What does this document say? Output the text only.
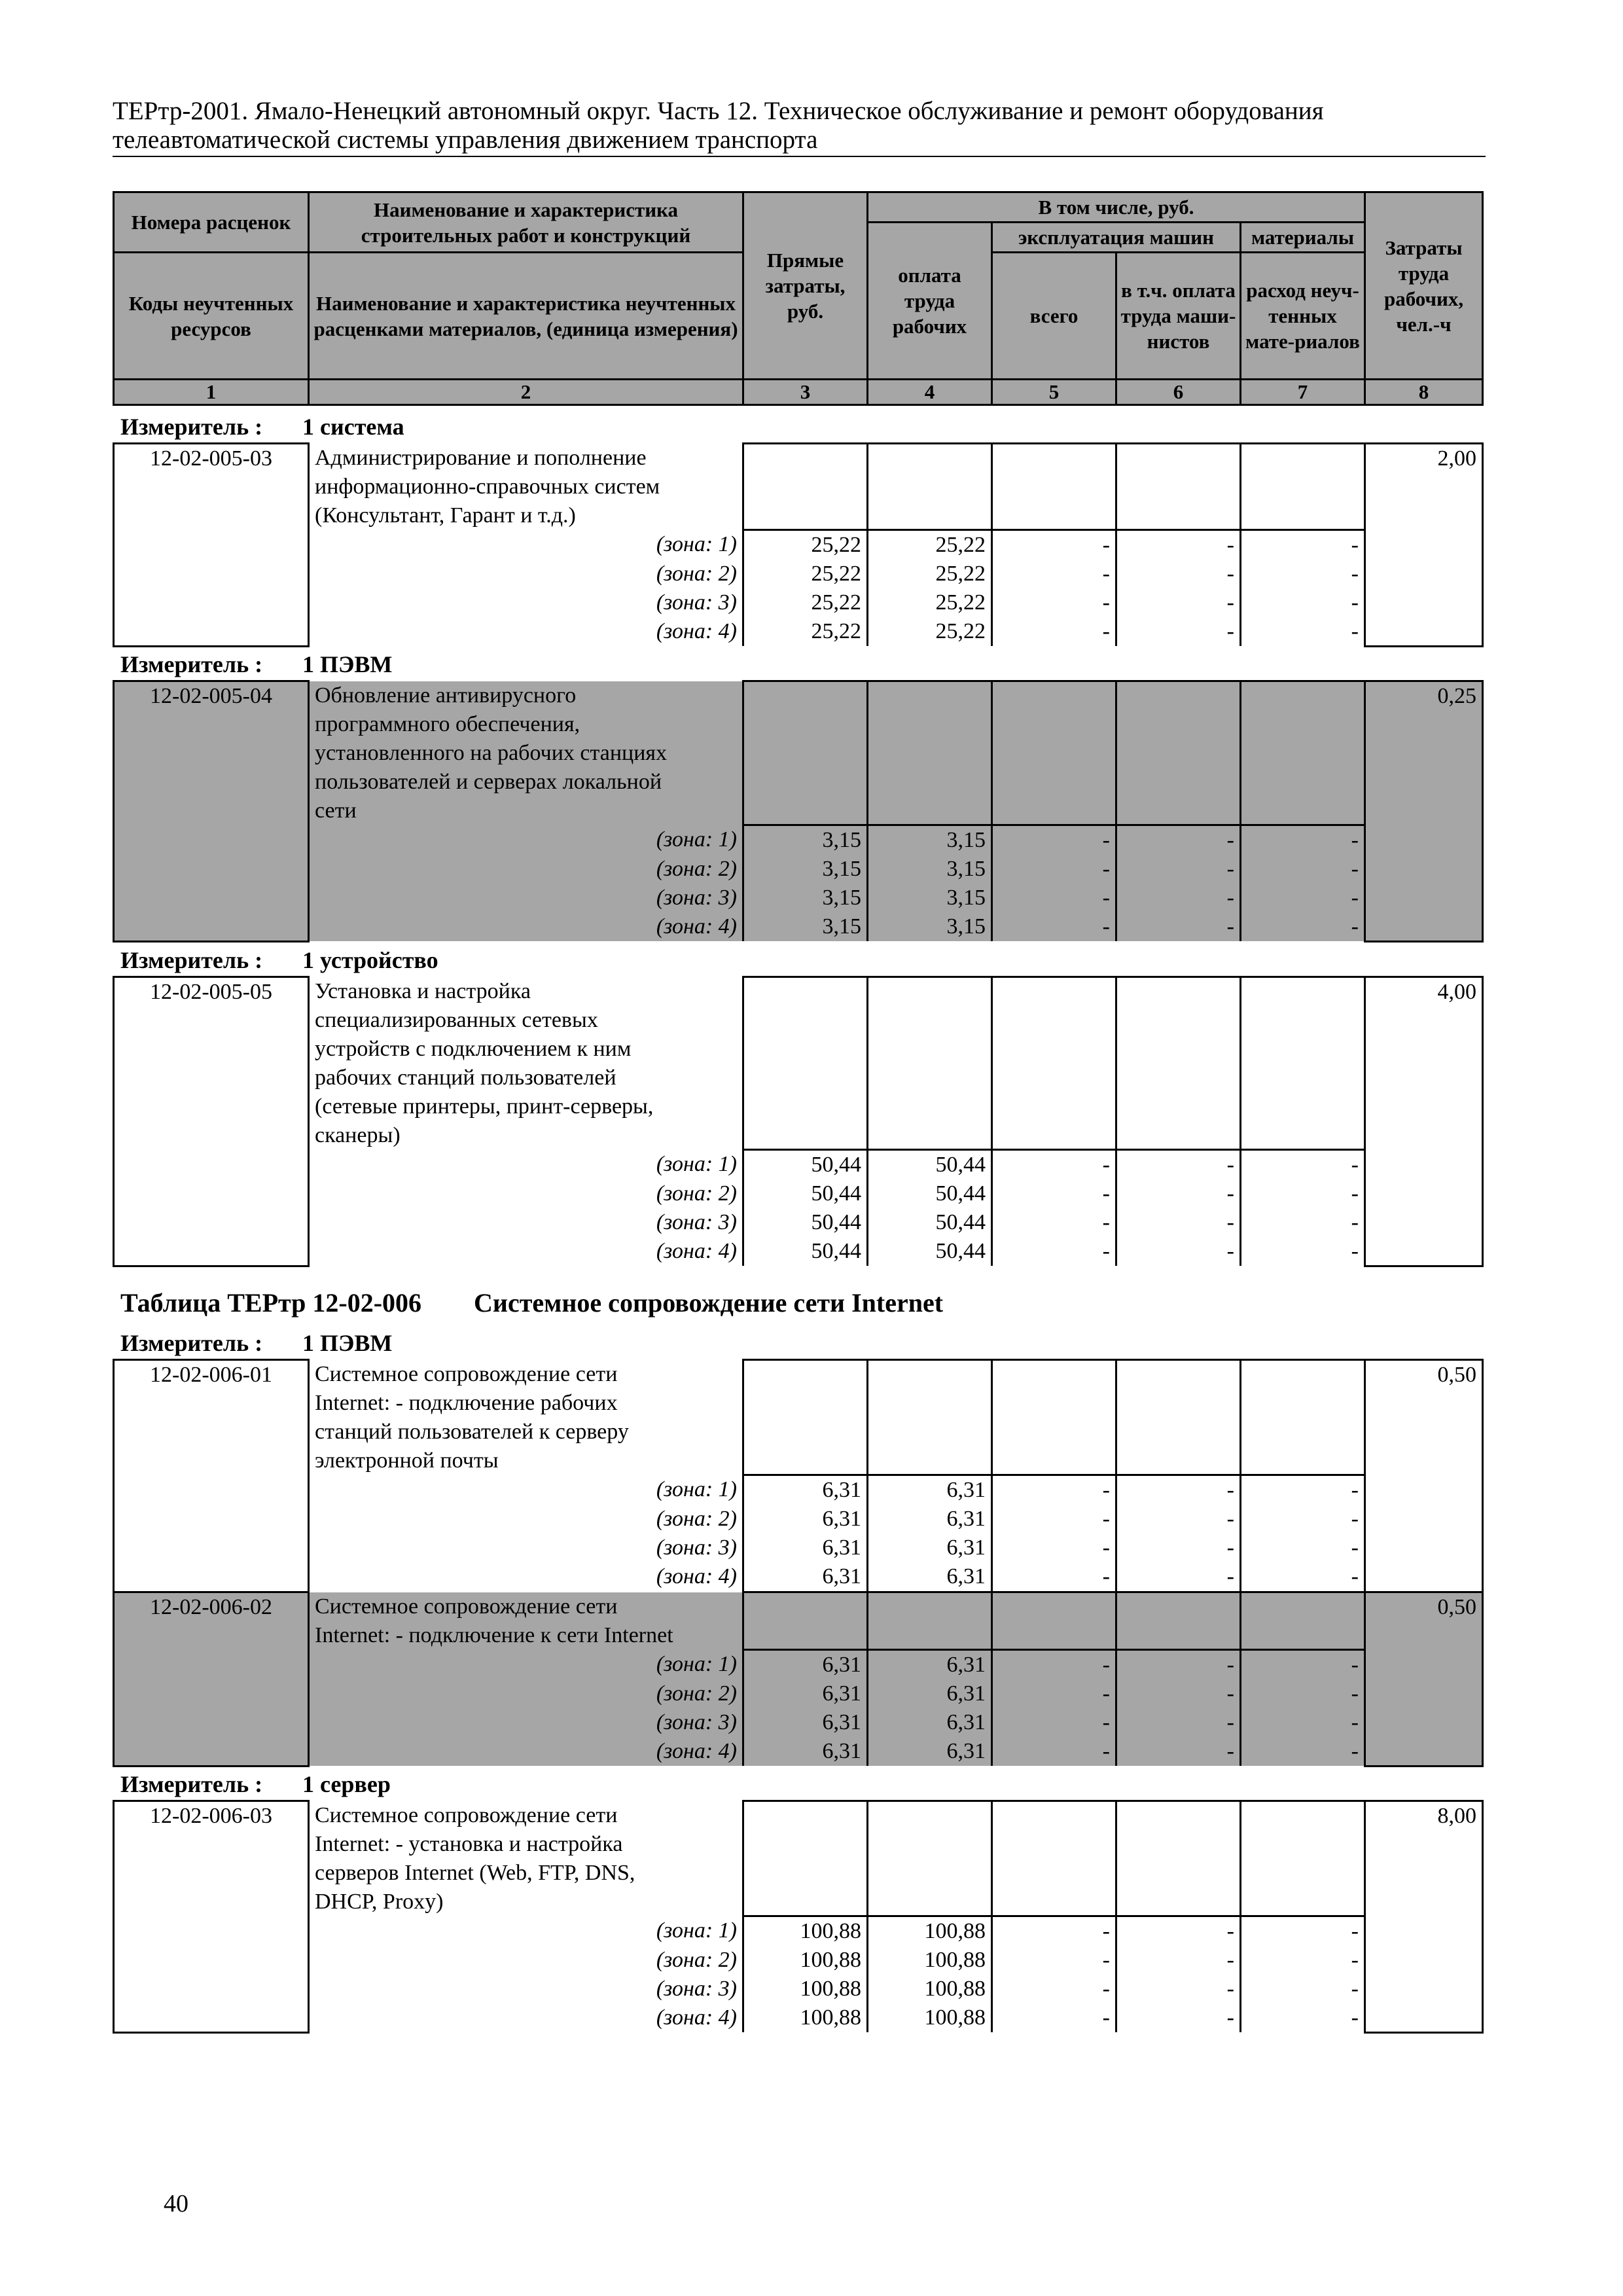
ТЕРтр-2001. Ямало-Ненецкий автономный округ. Часть 12. Техническое обслуживание и ремонт оборудования
телеавтоматической системы управления движением транспорта
Номера расценок	Наименование и характеристика строительных работ и конструкций	Прямые затраты, руб.	В том числе, руб.				Затраты труда рабочих, чел.-ч
			оплата труда рабочих	эксплуатация машин		материалы	
Коды неучтенных ресурсов	Наименование и характеристика неучтенных расценками материалов, (единица измерения)			всего	в т.ч. оплата труда маши-нистов	расход неуч-тенных мате-риалов	
1	2	3	4	5	6	7	8
Измеритель : 1 система
12-02-005-03	Администрирование и пополнение						2,00
	информационно-справочных систем						
	(Консультант, Гарант и т.д.)						
	(зона: 1)	25,22	25,22	-	-	-	
	(зона: 2)	25,22	25,22	-	-	-	
	(зона: 3)	25,22	25,22	-	-	-	
	(зона: 4)	25,22	25,22	-	-	-	
Измеритель : 1 ПЭВМ
12-02-005-04	Обновление антивирусного						0,25
	программного обеспечения,						
	установленного на рабочих станциях						
	пользователей и серверах локальной						
	сети						
	(зона: 1)	3,15	3,15	-	-	-	
	(зона: 2)	3,15	3,15	-	-	-	
	(зона: 3)	3,15	3,15	-	-	-	
	(зона: 4)	3,15	3,15	-	-	-	
Измеритель : 1 устройство
12-02-005-05	Установка и настройка						4,00
	специализированных сетевых						
	устройств с подключением к ним						
	рабочих станций пользователей						
	(сетевые принтеры, принт-серверы,						
	сканеры)						
	(зона: 1)	50,44	50,44	-	-	-	
	(зона: 2)	50,44	50,44	-	-	-	
	(зона: 3)	50,44	50,44	-	-	-	
	(зона: 4)	50,44	50,44	-	-	-	
Таблица ТЕРтр 12-02-006 Системное сопровождение сети Internet
Измеритель : 1 ПЭВМ
12-02-006-01	Системное сопровождение сети						0,50
	Internet: - подключение рабочих						
	станций пользователей к серверу						
	электронной почты						
	(зона: 1)	6,31	6,31	-	-	-	
	(зона: 2)	6,31	6,31	-	-	-	
	(зона: 3)	6,31	6,31	-	-	-	
	(зона: 4)	6,31	6,31	-	-	-	
12-02-006-02	Системное сопровождение сети						0,50
	Internet: - подключение к сети Internet						
	(зона: 1)	6,31	6,31	-	-	-	
	(зона: 2)	6,31	6,31	-	-	-	
	(зона: 3)	6,31	6,31	-	-	-	
	(зона: 4)	6,31	6,31	-	-	-	
Измеритель : 1 сервер
12-02-006-03	Системное сопровождение сети						8,00
	Internet: - установка и настройка						
	серверов Internet (Web, FTP, DNS,						
	DHCP, Proxy)						
	(зона: 1)	100,88	100,88	-	-	-	
	(зона: 2)	100,88	100,88	-	-	-	
	(зона: 3)	100,88	100,88	-	-	-	
	(зона: 4)	100,88	100,88	-	-	-	
40
